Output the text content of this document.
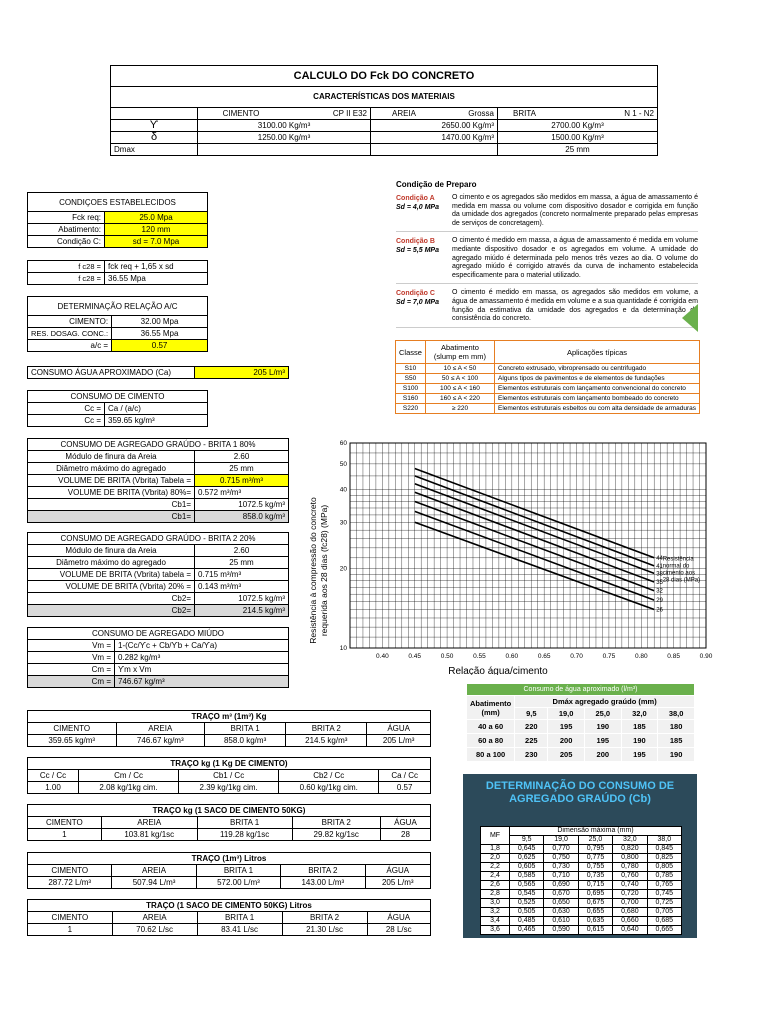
CALCULO DO Fck DO CONCRETO				
CARACTERÍSTICAS DOS MATERIAIS				
	CIMENTO	CP II E32	AREIA Grossa	BRITA N 1 - N2

ϒ	3100.00 Kg/m³		2650.00 Kg/m³	2700.00 Kg/m³
δ	1250.00 Kg/m³		1470.00 Kg/m³	1500.00 Kg/m³
Dmax				25 mm
CONDIÇOES ESTABELECIDOS	
Fck req:	25.0 Mpa
Abatimento:	120 mm
Condição C:	sd = 7.0 Mpa
f c28 =	fck req + 1,65 x sd
f c28 =	36.55 Mpa
DETERMINAÇÃO RELAÇÃO A/C	
CIMENTO:	32.00 Mpa
RES. DOSAG. CONC.:	36.55 Mpa
a/c =	0.57
CONSUMO ÁGUA APROXIMADO (Ca)	205 L/m³
CONSUMO DE CIMENTO	
Cc =	Ca / (a/c)
Cc =	359.65 kg/m³
CONSUMO DE AGREGADO GRAÚDO - BRITA 1 80%	
Módulo de finura da Areia	2.60
Diâmetro máximo do agregado	25 mm
VOLUME DE BRITA (Vbrita) Tabela =	0.715 m³/m³
VOLUME DE BRITA (Vbrita) 80%=	0.572 m³/m³
Cb1=	1072.5 kg/m³
Cb1=	858.0 kg/m³
CONSUMO DE AGREGADO GRAÚDO - BRITA 2 20%	
Módulo de finura da Areia	2.60
Diâmetro máximo do agregado	25 mm
VOLUME DE BRITA (Vbrita) tabela =	0.715 m³/m³
VOLUME DE BRITA (Vbrita) 20% =	0.143 m³/m³
Cb2=	1072.5 kg/m³
Cb2=	214.5 kg/m³
CONSUMO DE AGREGADO MIÚDO	
Vm =	1-(Cc/ϒc + Cb/ϒb + Ca/ϒa)
Vm =	0.282 kg/m³
Cm =	ϒm x Vm
Cm =	746.67 kg/m³
TRAÇO m³ (1m³) Kg				
CIMENTO	AREIA	BRITA 1	BRITA 2	ÁGUA
359.65 kg/m³	746.67 kg/m³	858.0 kg/m³	214.5 kg/m³	205 L/m³
TRAÇO kg (1 Kg DE CIMENTO)				
Cc / Cc	Cm / Cc	Cb1 / Cc	Cb2 / Cc	Ca / Cc
1.00	2.08 kg/1kg cim.	2.39 kg/1kg cim.	0.60 kg/1kg cim.	0.57
TRAÇO kg (1 SACO DE CIMENTO 50KG)				
CIMENTO	AREIA	BRITA 1	BRITA 2	ÁGUA
1	103.81 kg/1sc	119.28 kg/1sc	29.82 kg/1sc	28
TRAÇO (1m³) Litros				
CIMENTO	AREIA	BRITA 1	BRITA 2	ÁGUA
287.72 L/m³	507.94 L/m³	572.00 L/m³	143.00 L/m³	205 L/m³
TRAÇO (1 SACO DE CIMENTO 50KG) Litros				
CIMENTO	AREIA	BRITA 1	BRITA 2	ÁGUA
1	70.62 L/sc	83.41 L/sc	21.30 L/sc	28 L/sc
Condição de Preparo
Condição A
Sd = 4,0 MPa
O cimento e os agregados são medidos em massa, a água de amassamento é medida em massa ou volume com dispositivo dosador e corrigida em função da umidade dos agregados (concreto normalmente preparado pelas empresas de serviços de concretagem).
Condição B
Sd = 5,5 MPa
O cimento é medido em massa, a água de amassamento é medida em volume mediante dispositivo dosador e os agregados em volume. A umidade do agregado miúdo é determinada pelo menos três vezes ao dia. O volume do agregado miúdo é corrigido através da curva de inchamento estabelecida especificamente para o material utilizado.
Condição C
Sd = 7,0 MPa
O cimento é medido em massa, os agregados são medidos em volume, a água de amassamento é medida em volume e a sua quantidade é corrigida em função da estimativa da umidade dos agregados e da determinação da consistência do concreto.
Classe	Abatimento (slump em mm)	Aplicações típicas
S10	10 ≤ A < 50	Concreto extrusado, vibroprensado ou centrifugado
S50	50 ≤ A < 100	Alguns tipos de pavimentos e de elementos de fundações
S100	100 ≤ A < 160	Elementos estruturais com lançamento convencional do concreto
S160	160 ≤ A < 220	Elementos estruturais com lançamento bombeado do concreto
S220	≥ 220	Elementos estruturais esbeltos ou com alta densidade de armaduras
0.40	0.45	0.50	0.55	0.60	0.65	0.70	0.75	0.80	0.85	0.90
10
20
30
40
50
60
44
41
38
35
32
29
26
Resistência normal do cimento aos 28 dias (MPa)
Relação água/cimento
Resistência à compressão do concretorequerida aos 28 dias (fc28) (MPa)
Consumo de água aproximado (l/m³)					
Abatimento (mm)	Dmáx agregado graúdo (mm)				
	9,5	19,0	25,0	32,0	38,0
40 a 60	220	195	190	185	180
60 a 80	225	200	195	190	185
80 a 100	230	205	200	195	190
DETERMINAÇÃO DO CONSUMO DE AGREGADO GRAÚDO (Cb)
MF	Dimensão máxima (mm)				
	9,5	19,0	25,0	32,0	38,0
1,8	0,645	0,770	0,795	0,820	0,845
2,0	0,625	0,750	0,775	0,800	0,825
2,2	0,605	0,730	0,755	0,780	0,805
2,4	0,585	0,710	0,735	0,760	0,785
2,6	0,565	0,690	0,715	0,740	0,765
2,8	0,545	0,670	0,695	0,720	0,745
3,0	0,525	0,650	0,675	0,700	0,725
3,2	0,505	0,630	0,655	0,680	0,705
3,4	0,485	0,610	0,635	0,660	0,685
3,6	0,465	0,590	0,615	0,640	0,665
